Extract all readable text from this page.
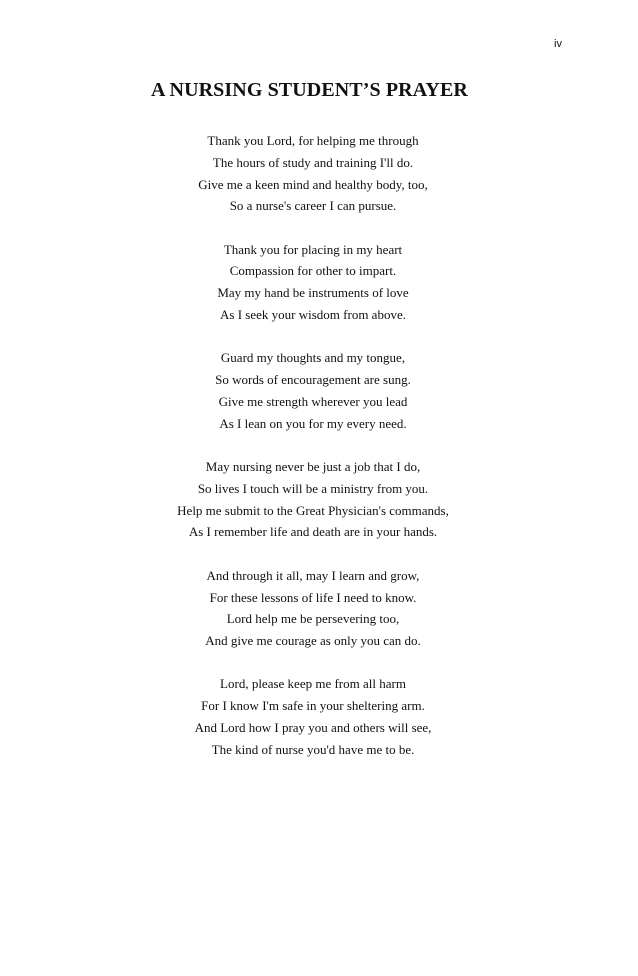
iv
A NURSING STUDENT’S PRAYER
Thank you Lord, for helping me through
The hours of study and training I'll do.
Give me a keen mind and healthy body, too,
So a nurse's career I can pursue.
Thank you for placing in my heart
Compassion for other to impart.
May my hand be instruments of love
As I seek your wisdom from above.
Guard my thoughts and my tongue,
So words of encouragement are sung.
Give me strength wherever you lead
As I lean on you for my every need.
May nursing never be just a job that I do,
So lives I touch will be a ministry from you.
Help me submit to the Great Physician's commands,
As I remember life and death are in your hands.
And through it all, may I learn and grow,
For these lessons of life I need to know.
Lord help me be persevering too,
And give me courage as only you can do.
Lord, please keep me from all harm
For I know I'm safe in your sheltering arm.
And Lord how I pray you and others will see,
The kind of nurse you'd have me to be.
